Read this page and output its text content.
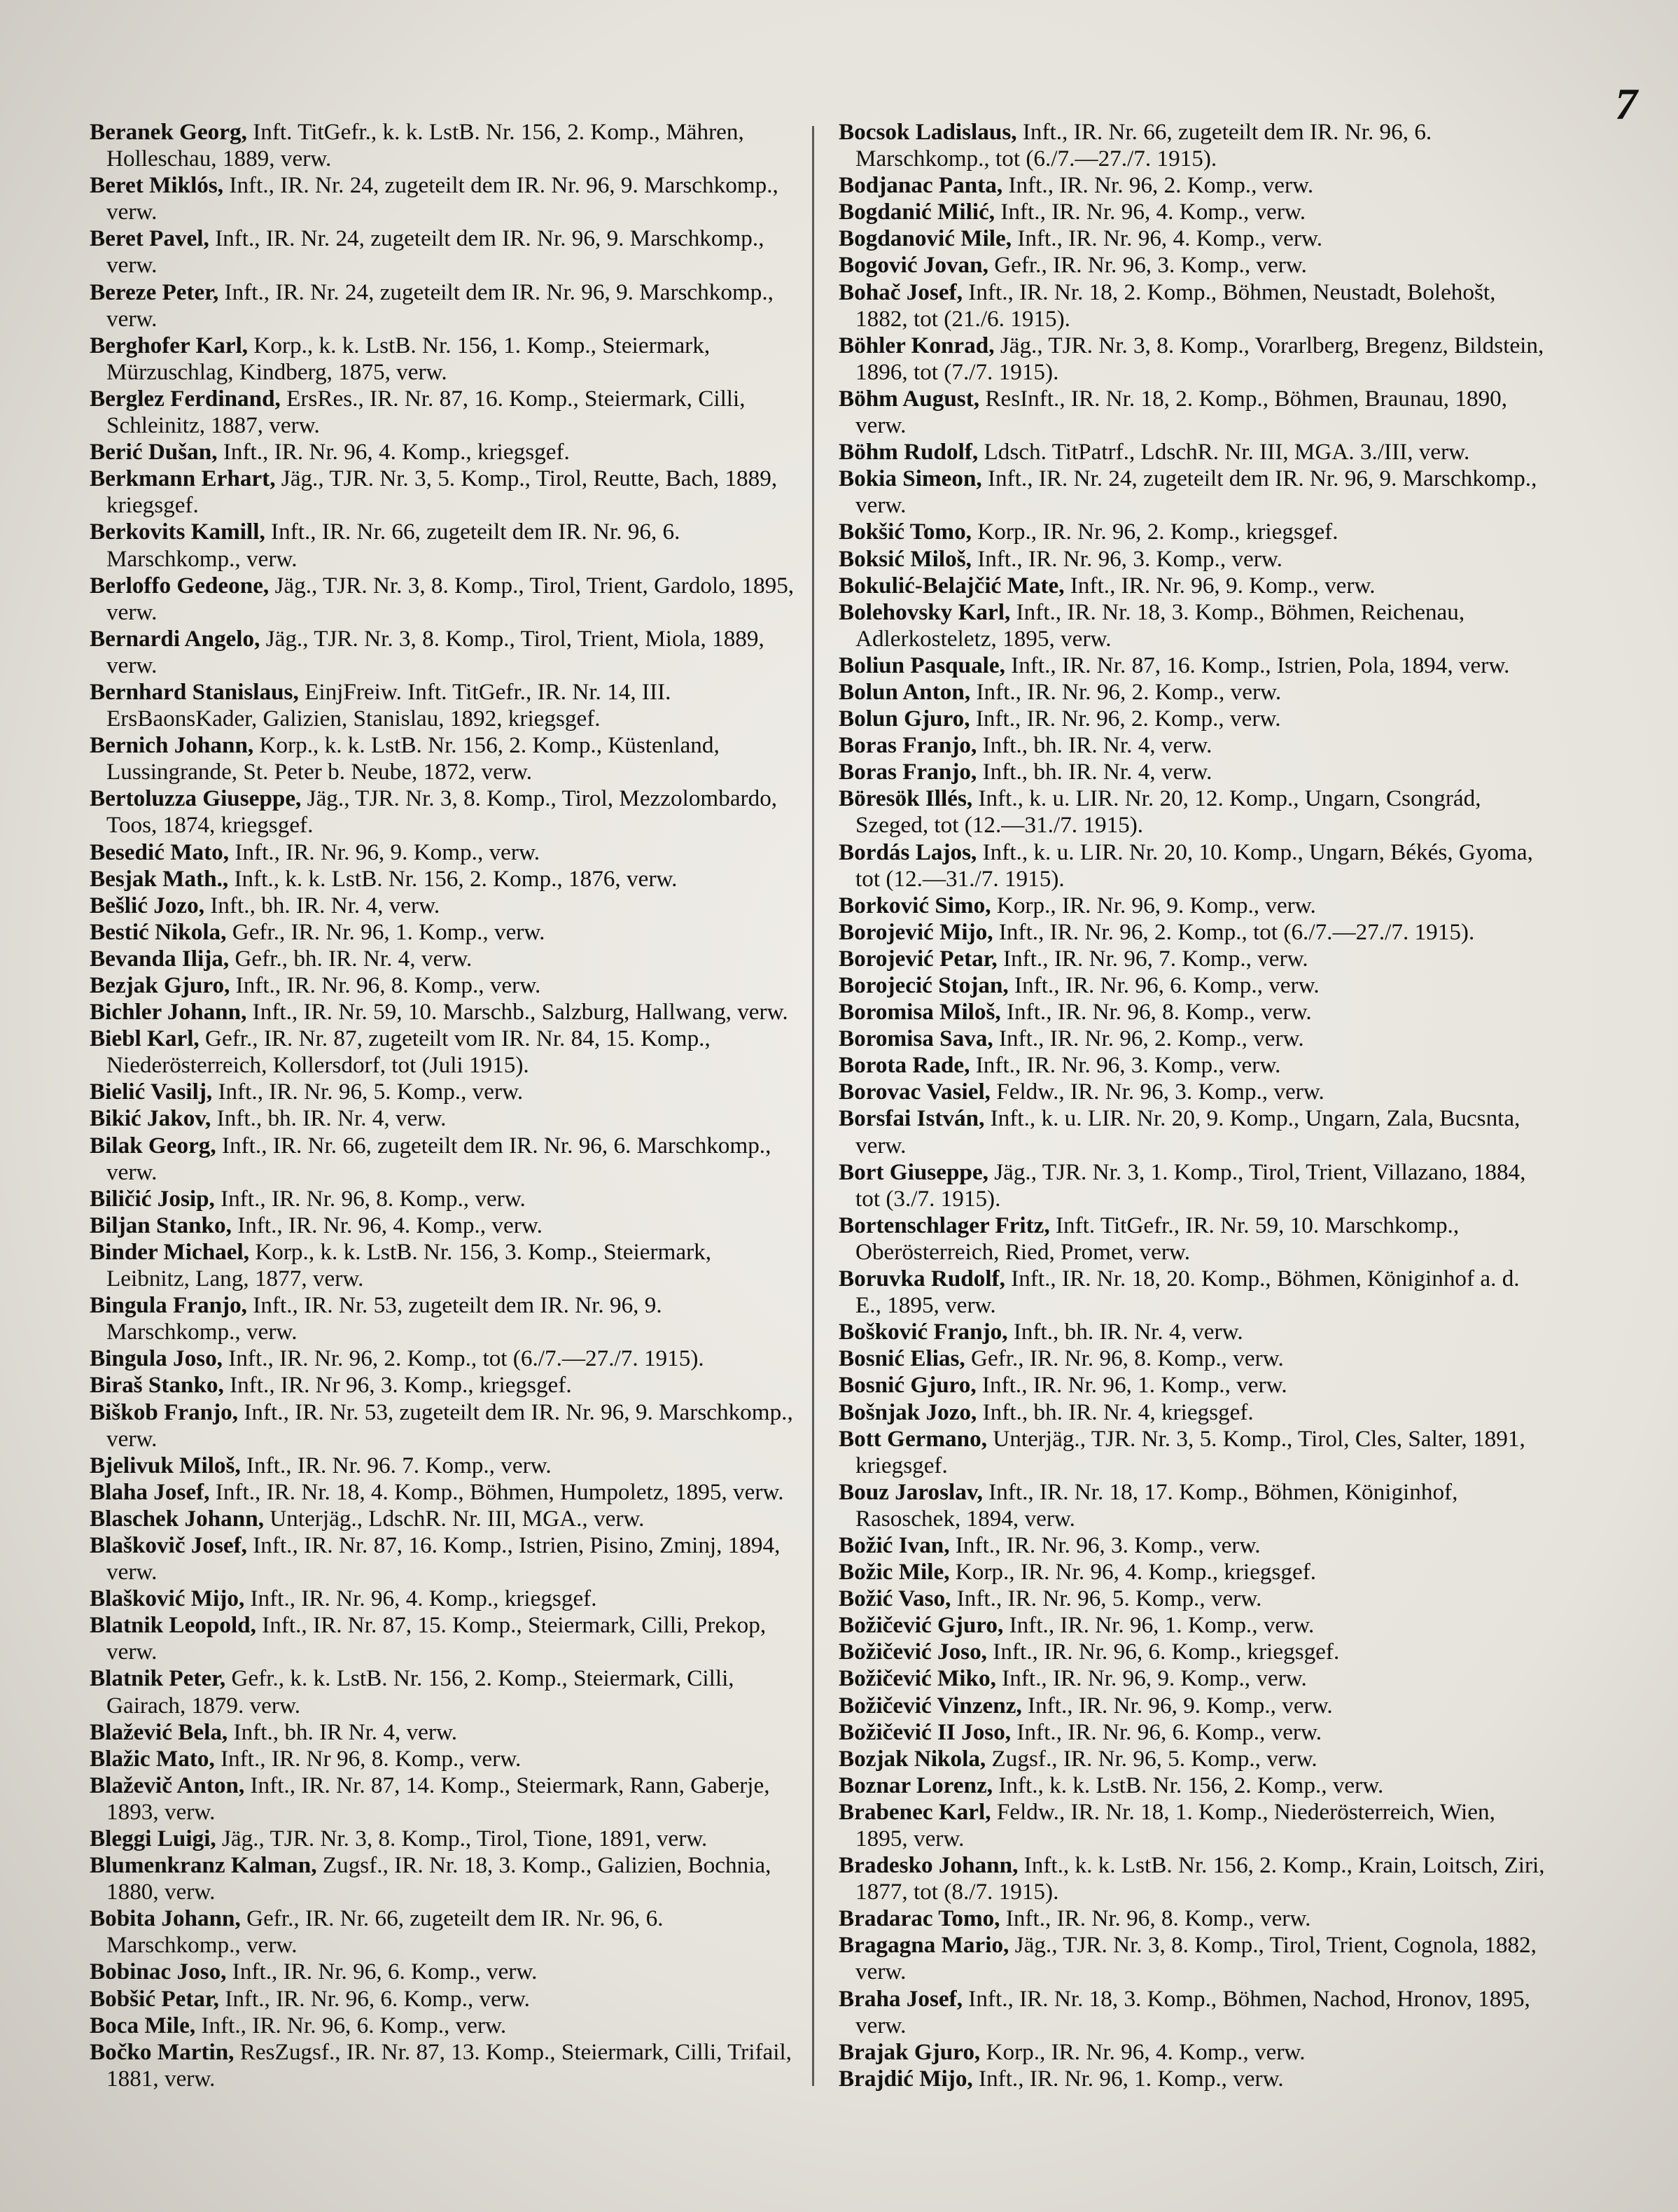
7

Beranek Georg, Inft. TitGefr., k. k. LstB. Nr. 156, 2. Komp., Mähren, Holleschau, 1889, verw.

Beret Miklós, Inft., IR. Nr. 24, zugeteilt dem IR. Nr. 96, 9. Marschkomp., verw.

Beret Pavel, Inft., IR. Nr. 24, zugeteilt dem IR. Nr. 96, 9. Marschkomp., verw.

Bereze Peter, Inft., IR. Nr. 24, zugeteilt dem IR. Nr. 96, 9. Marschkomp., verw.

Berghofer Karl, Korp., k. k. LstB. Nr. 156, 1. Komp., Steiermark, Mürzuschlag, Kindberg, 1875, verw.

Berglez Ferdinand, ErsRes., IR. Nr. 87, 16. Komp., Steiermark, Cilli, Schleinitz, 1887, verw.

Berić Dušan, Inft., IR. Nr. 96, 4. Komp., kriegsgef.

Berkmann Erhart, Jäg., TJR. Nr. 3, 5. Komp., Tirol, Reutte, Bach, 1889, kriegsgef.

Berkovits Kamill, Inft., IR. Nr. 66, zugeteilt dem IR. Nr. 96, 6. Marschkomp., verw.

Berloffo Gedeone, Jäg., TJR. Nr. 3, 8. Komp., Tirol, Trient, Gardolo, 1895, verw.

Bernardi Angelo, Jäg., TJR. Nr. 3, 8. Komp., Tirol, Trient, Miola, 1889, verw.

Bernhard Stanislaus, EinjFreiw. Inft. TitGefr., IR. Nr. 14, III. ErsBaonsKader, Galizien, Stanislau, 1892, kriegsgef.

Bernich Johann, Korp., k. k. LstB. Nr. 156, 2. Komp., Küstenland, Lussingrande, St. Peter b. Neube, 1872, verw.

Bertoluzza Giuseppe, Jäg., TJR. Nr. 3, 8. Komp., Tirol, Mezzolombardo, Toos, 1874, kriegsgef.

Besedić Mato, Inft., IR. Nr. 96, 9. Komp., verw.

Besjak Math., Inft., k. k. LstB. Nr. 156, 2. Komp., 1876, verw.

Bešlić Jozo, Inft., bh. IR. Nr. 4, verw.

Bestić Nikola, Gefr., IR. Nr. 96, 1. Komp., verw.

Bevanda Ilija, Gefr., bh. IR. Nr. 4, verw.

Bezjak Gjuro, Inft., IR. Nr. 96, 8. Komp., verw.

Bichler Johann, Inft., IR. Nr. 59, 10. Marschb., Salzburg, Hallwang, verw.

Biebl Karl, Gefr., IR. Nr. 87, zugeteilt vom IR. Nr. 84, 15. Komp., Niederösterreich, Kollersdorf, tot (Juli 1915).

Bielić Vasilj, Inft., IR. Nr. 96, 5. Komp., verw.

Bikić Jakov, Inft., bh. IR. Nr. 4, verw.

Bilak Georg, Inft., IR. Nr. 66, zugeteilt dem IR. Nr. 96, 6. Marschkomp., verw.

Biličić Josip, Inft., IR. Nr. 96, 8. Komp., verw.

Biljan Stanko, Inft., IR. Nr. 96, 4. Komp., verw.

Binder Michael, Korp., k. k. LstB. Nr. 156, 3. Komp., Steiermark, Leibnitz, Lang, 1877, verw.

Bingula Franjo, Inft., IR. Nr. 53, zugeteilt dem IR. Nr. 96, 9. Marschkomp., verw.

Bingula Joso, Inft., IR. Nr. 96, 2. Komp., tot (6./7.—27./7. 1915).

Biraš Stanko, Inft., IR. Nr 96, 3. Komp., kriegsgef.

Biškob Franjo, Inft., IR. Nr. 53, zugeteilt dem IR. Nr. 96, 9. Marschkomp., verw.

Bjelivuk Miloš, Inft., IR. Nr. 96. 7. Komp., verw.

Blaha Josef, Inft., IR. Nr. 18, 4. Komp., Böhmen, Humpoletz, 1895, verw.

Blaschek Johann, Unterjäg., LdschR. Nr. III, MGA., verw.

Blaškovič Josef, Inft., IR. Nr. 87, 16. Komp., Istrien, Pisino, Zminj, 1894, verw.

Blašković Mijo, Inft., IR. Nr. 96, 4. Komp., kriegsgef.

Blatnik Leopold, Inft., IR. Nr. 87, 15. Komp., Steiermark, Cilli, Prekop, verw.

Blatnik Peter, Gefr., k. k. LstB. Nr. 156, 2. Komp., Steiermark, Cilli, Gairach, 1879. verw.

Blažević Bela, Inft., bh. IR Nr. 4, verw.

Blažic Mato, Inft., IR. Nr 96, 8. Komp., verw.

Blaževič Anton, Inft., IR. Nr. 87, 14. Komp., Steiermark, Rann, Gaberje, 1893, verw.

Bleggi Luigi, Jäg., TJR. Nr. 3, 8. Komp., Tirol, Tione, 1891, verw.

Blumenkranz Kalman, Zugsf., IR. Nr. 18, 3. Komp., Galizien, Bochnia, 1880, verw.

Bobita Johann, Gefr., IR. Nr. 66, zugeteilt dem IR. Nr. 96, 6. Marschkomp., verw.

Bobinac Joso, Inft., IR. Nr. 96, 6. Komp., verw.

Bobšić Petar, Inft., IR. Nr. 96, 6. Komp., verw.

Boca Mile, Inft., IR. Nr. 96, 6. Komp., verw.

Bočko Martin, ResZugsf., IR. Nr. 87, 13. Komp., Steiermark, Cilli, Trifail, 1881, verw.

Bocsok Ladislaus, Inft., IR. Nr. 66, zugeteilt dem IR. Nr. 96, 6. Marschkomp., tot (6./7.—27./7. 1915).

Bodjanac Panta, Inft., IR. Nr. 96, 2. Komp., verw.

Bogdanić Milić, Inft., IR. Nr. 96, 4. Komp., verw.

Bogdanović Mile, Inft., IR. Nr. 96, 4. Komp., verw.

Bogović Jovan, Gefr., IR. Nr. 96, 3. Komp., verw.

Bohač Josef, Inft., IR. Nr. 18, 2. Komp., Böhmen, Neustadt, Bolehošt, 1882, tot (21./6. 1915).

Böhler Konrad, Jäg., TJR. Nr. 3, 8. Komp., Vorarlberg, Bregenz, Bildstein, 1896, tot (7./7. 1915).

Böhm August, ResInft., IR. Nr. 18, 2. Komp., Böhmen, Braunau, 1890, verw.

Böhm Rudolf, Ldsch. TitPatrf., LdschR. Nr. III, MGA. 3./III, verw.

Bokia Simeon, Inft., IR. Nr. 24, zugeteilt dem IR. Nr. 96, 9. Marschkomp., verw.

Bokšić Tomo, Korp., IR. Nr. 96, 2. Komp., kriegsgef.

Boksić Miloš, Inft., IR. Nr. 96, 3. Komp., verw.

Bokulić-Belajčić Mate, Inft., IR. Nr. 96, 9. Komp., verw.

Bolehovsky Karl, Inft., IR. Nr. 18, 3. Komp., Böhmen, Reichenau, Adlerkosteletz, 1895, verw.

Boliun Pasquale, Inft., IR. Nr. 87, 16. Komp., Istrien, Pola, 1894, verw.

Bolun Anton, Inft., IR. Nr. 96, 2. Komp., verw.

Bolun Gjuro, Inft., IR. Nr. 96, 2. Komp., verw.

Boras Franjo, Inft., bh. IR. Nr. 4, verw.

Boras Franjo, Inft., bh. IR. Nr. 4, verw.

Böresök Illés, Inft., k. u. LIR. Nr. 20, 12. Komp., Ungarn, Csongrád, Szeged, tot (12.—31./7. 1915).

Bordás Lajos, Inft., k. u. LIR. Nr. 20, 10. Komp., Ungarn, Békés, Gyoma, tot (12.—31./7. 1915).

Borković Simo, Korp., IR. Nr. 96, 9. Komp., verw.

Borojević Mijo, Inft., IR. Nr. 96, 2. Komp., tot (6./7.—27./7. 1915).

Borojević Petar, Inft., IR. Nr. 96, 7. Komp., verw.

Borojecić Stojan, Inft., IR. Nr. 96, 6. Komp., verw.

Boromisa Miloš, Inft., IR. Nr. 96, 8. Komp., verw.

Boromisa Sava, Inft., IR. Nr. 96, 2. Komp., verw.

Borota Rade, Inft., IR. Nr. 96, 3. Komp., verw.

Borovac Vasiel, Feldw., IR. Nr. 96, 3. Komp., verw.

Borsfai István, Inft., k. u. LIR. Nr. 20, 9. Komp., Ungarn, Zala, Bucsnta, verw.

Bort Giuseppe, Jäg., TJR. Nr. 3, 1. Komp., Tirol, Trient, Villazano, 1884, tot (3./7. 1915).

Bortenschlager Fritz, Inft. TitGefr., IR. Nr. 59, 10. Marschkomp., Oberösterreich, Ried, Promet, verw.

Boruvka Rudolf, Inft., IR. Nr. 18, 20. Komp., Böhmen, Königinhof a. d. E., 1895, verw.

Bošković Franjo, Inft., bh. IR. Nr. 4, verw.

Bosnić Elias, Gefr., IR. Nr. 96, 8. Komp., verw.

Bosnić Gjuro, Inft., IR. Nr. 96, 1. Komp., verw.

Bošnjak Jozo, Inft., bh. IR. Nr. 4, kriegsgef.

Bott Germano, Unterjäg., TJR. Nr. 3, 5. Komp., Tirol, Cles, Salter, 1891, kriegsgef.

Bouz Jaroslav, Inft., IR. Nr. 18, 17. Komp., Böhmen, Königinhof, Rasoschek, 1894, verw.

Božić Ivan, Inft., IR. Nr. 96, 3. Komp., verw.

Božic Mile, Korp., IR. Nr. 96, 4. Komp., kriegsgef.

Božić Vaso, Inft., IR. Nr. 96, 5. Komp., verw.

Božičević Gjuro, Inft., IR. Nr. 96, 1. Komp., verw.

Božičević Joso, Inft., IR. Nr. 96, 6. Komp., kriegsgef.

Božičević Miko, Inft., IR. Nr. 96, 9. Komp., verw.

Božičević Vinzenz, Inft., IR. Nr. 96, 9. Komp., verw.

Božičević II Joso, Inft., IR. Nr. 96, 6. Komp., verw.

Bozjak Nikola, Zugsf., IR. Nr. 96, 5. Komp., verw.

Boznar Lorenz, Inft., k. k. LstB. Nr. 156, 2. Komp., verw.

Brabenec Karl, Feldw., IR. Nr. 18, 1. Komp., Niederösterreich, Wien, 1895, verw.

Bradesko Johann, Inft., k. k. LstB. Nr. 156, 2. Komp., Krain, Loitsch, Ziri, 1877, tot (8./7. 1915).

Bradarac Tomo, Inft., IR. Nr. 96, 8. Komp., verw.

Bragagna Mario, Jäg., TJR. Nr. 3, 8. Komp., Tirol, Trient, Cognola, 1882, verw.

Braha Josef, Inft., IR. Nr. 18, 3. Komp., Böhmen, Nachod, Hronov, 1895, verw.

Brajak Gjuro, Korp., IR. Nr. 96, 4. Komp., verw.

Brajdić Mijo, Inft., IR. Nr. 96, 1. Komp., verw.
